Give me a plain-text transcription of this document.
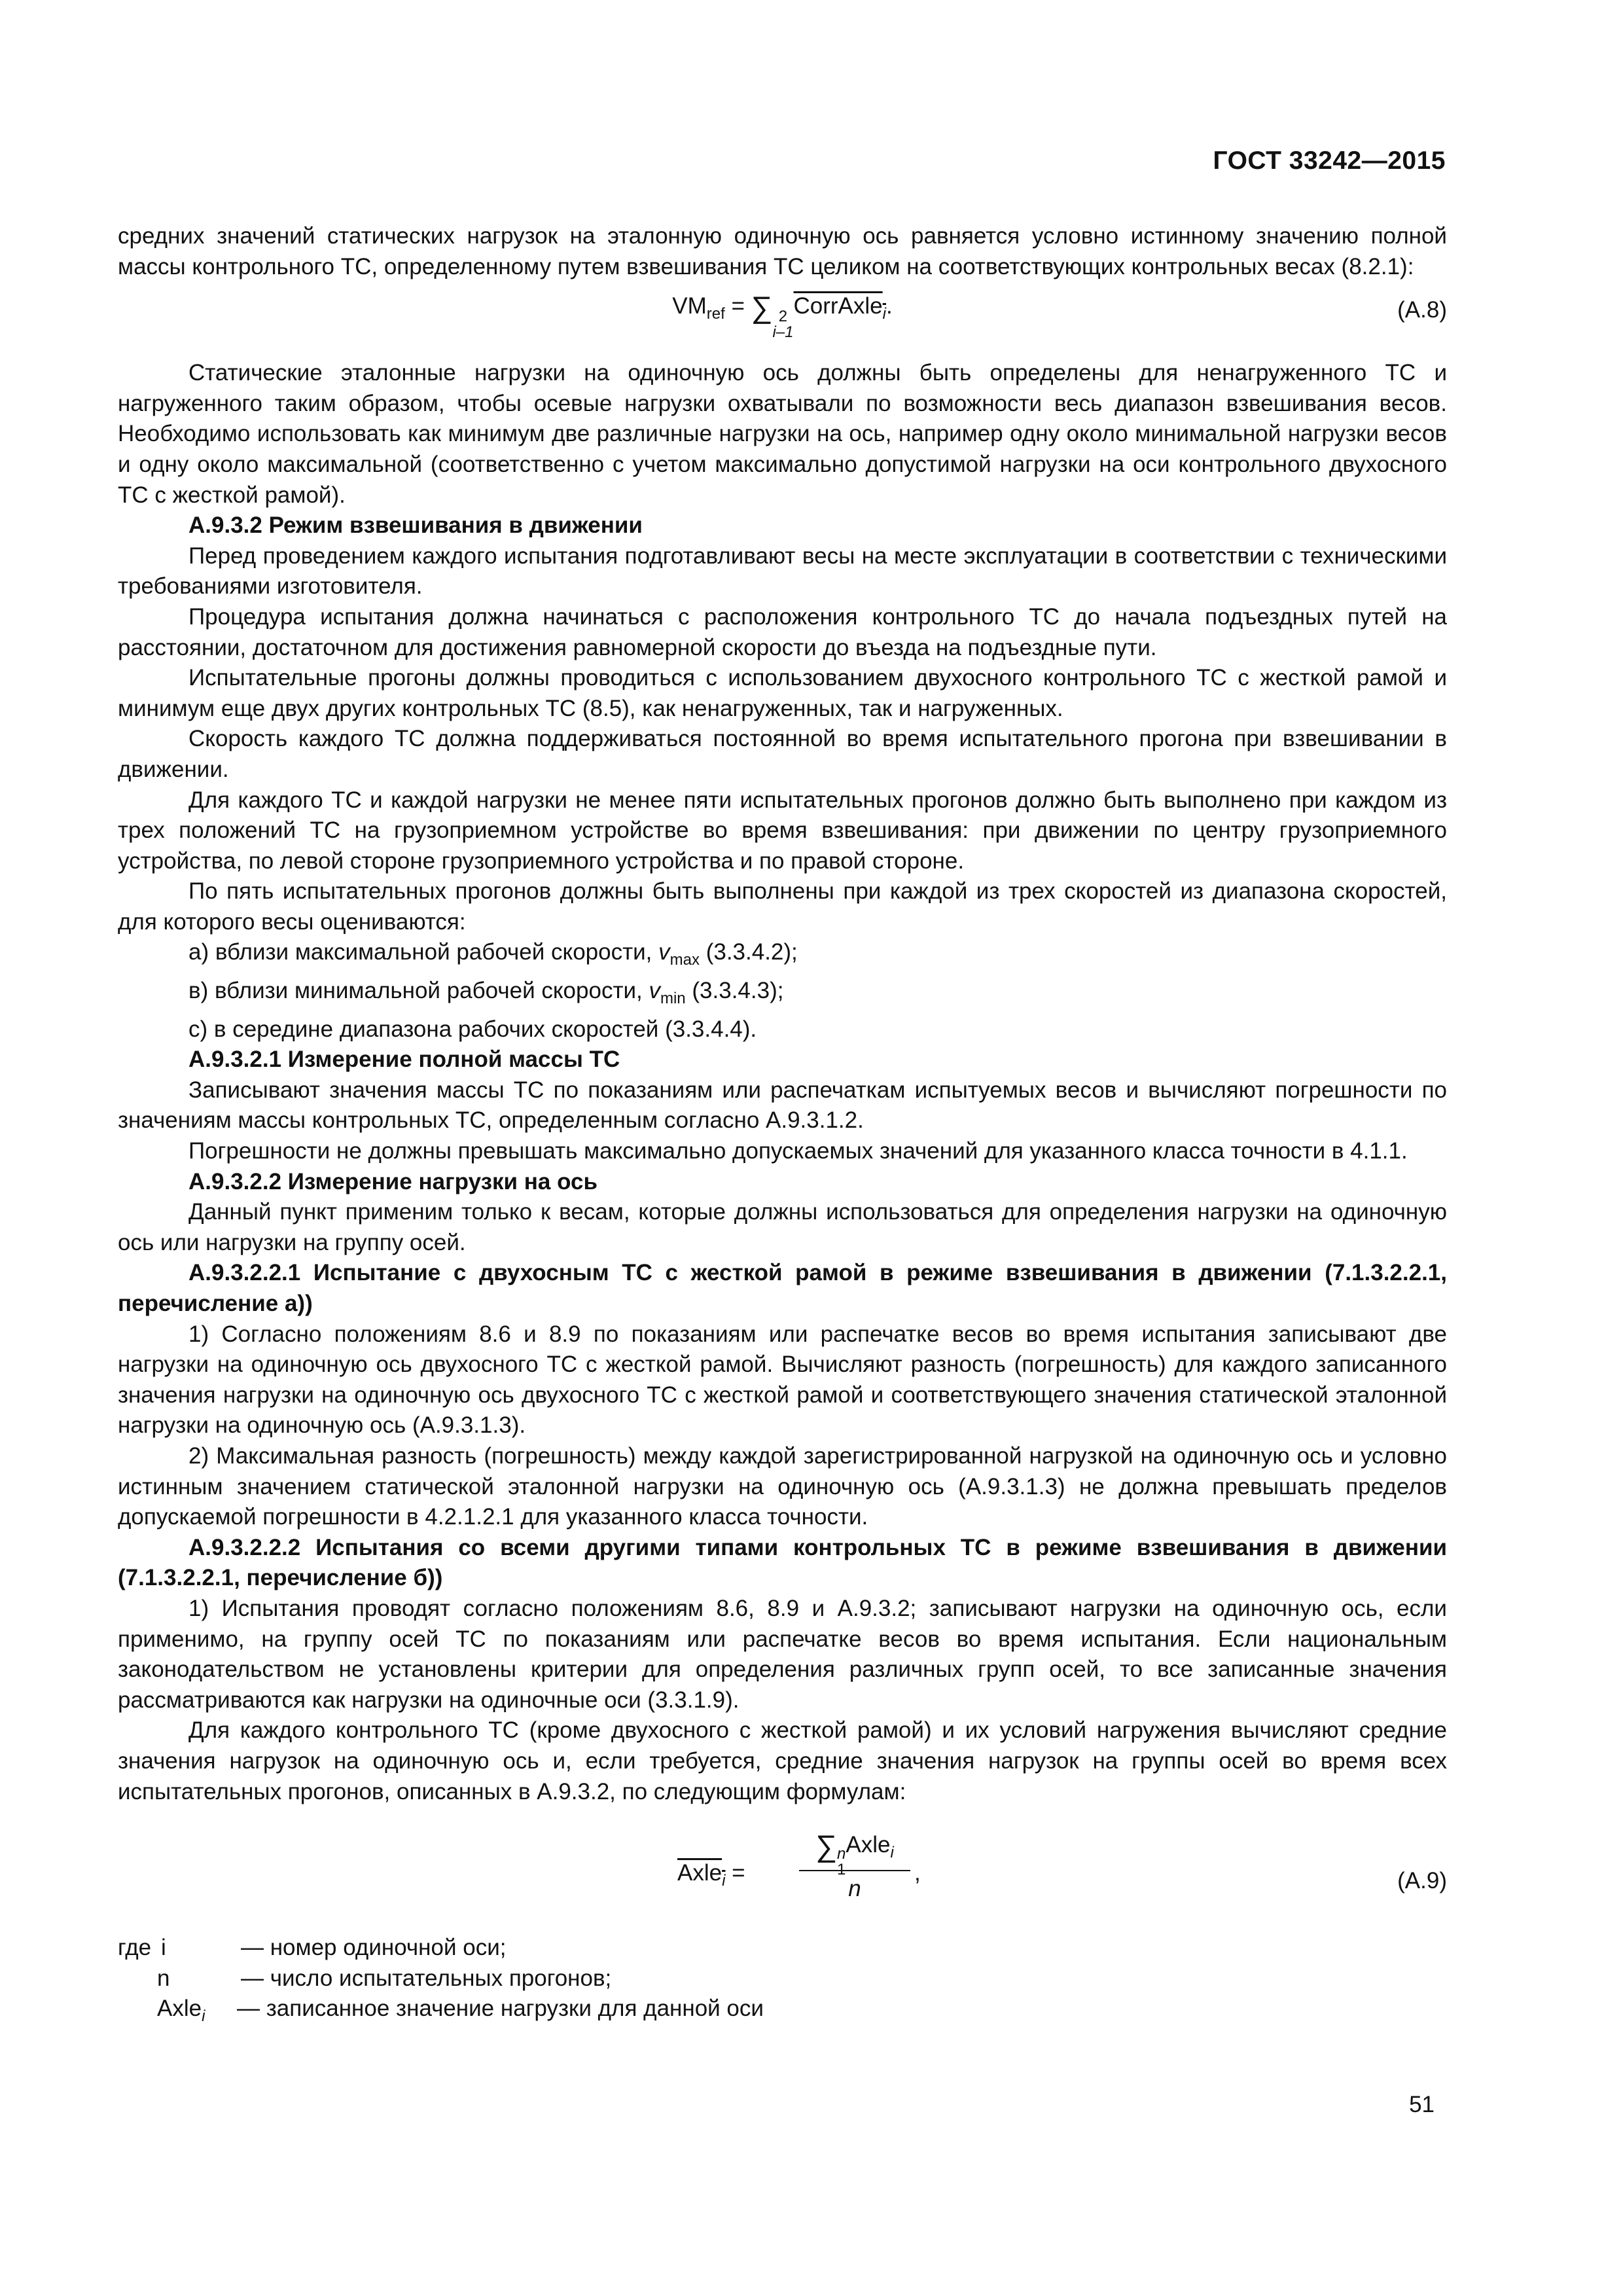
ГОСТ 33242—2015

средних значений статических нагрузок на эталонную одиночную ось равняется условно истинному значению полной массы контрольного ТС, определенному путем взвешивания ТС целиком на соответствующих контрольных весах (8.2.1):

$VM_{ref}$ = ∑ 2
i–1
CorrAxle$_i$.	(А.8)

Статические эталонные нагрузки на одиночную ось должны быть определены для ненагруженного ТС и нагруженного таким образом, чтобы осевые нагрузки охватывали по возможности весь диапазон взвешивания весов. Необходимо использовать как минимум две различные нагрузки на ось, например одну около минимальной нагрузки весов и одну около максимальной (соответственно с учетом максимально допустимой нагрузки на оси контрольного двухосного ТС с жесткой рамой).

А.9.3.2 Режим взвешивания в движении

Перед проведением каждого испытания подготавливают весы на месте эксплуатации в соответствии с техническими требованиями изготовителя.

Процедура испытания должна начинаться с расположения контрольного ТС до начала подъездных путей на расстоянии, достаточном для достижения равномерной скорости до въезда на подъездные пути.

Испытательные прогоны должны проводиться с использованием двухосного контрольного ТС с жесткой рамой и минимум еще двух других контрольных ТС (8.5), как ненагруженных, так и нагруженных.

Скорость каждого ТС должна поддерживаться постоянной во время испытательного прогона при взвешивании в движении.

Для каждого ТС и каждой нагрузки не менее пяти испытательных прогонов должно быть выполнено при каждом из трех положений ТС на грузоприемном устройстве во время взвешивания: при движении по центру грузоприемного устройства, по левой стороне грузоприемного устройства и по правой стороне.

По пять испытательных прогонов должны быть выполнены при каждой из трех скоростей из диапазона скоростей, для которого весы оцениваются:

а) вблизи максимальной рабочей скорости, $v_{max}$ (3.3.4.2);

в) вблизи минимальной рабочей скорости, $v_{min}$ (3.3.4.3);

с) в середине диапазона рабочих скоростей (3.3.4.4).

А.9.3.2.1 Измерение полной массы ТС

Записывают значения массы ТС по показаниям или распечаткам испытуемых весов и вычисляют погрешности по значениям массы контрольных ТС, определенным согласно А.9.3.1.2.

Погрешности не должны превышать максимально допускаемых значений для указанного класса точности в 4.1.1.

А.9.3.2.2 Измерение нагрузки на ось

Данный пункт применим только к весам, которые должны использоваться для определения нагрузки на одиночную ось или нагрузки на группу осей.

А.9.3.2.2.1 Испытание с двухосным ТС с жесткой рамой в режиме взвешивания в движении (7.1.3.2.2.1, перечисление а))

1) Согласно положениям 8.6 и 8.9 по показаниям или распечатке весов во время испытания записывают две нагрузки на одиночную ось двухосного ТС с жесткой рамой. Вычисляют разность (погрешность) для каждого записанного значения нагрузки на одиночную ось двухосного ТС с жесткой рамой и соответствующего значения статической эталонной нагрузки на одиночную ось (А.9.3.1.3).

2) Максимальная разность (погрешность) между каждой зарегистрированной нагрузкой на одиночную ось и условно истинным значением статической эталонной нагрузки на одиночную ось (А.9.3.1.3) не должна превышать пределов допускаемой погрешности в 4.2.1.2.1 для указанного класса точности.

А.9.3.2.2.2 Испытания со всеми другими типами контрольных ТС в режиме взвешивания в движении (7.1.3.2.2.1, перечисление б))

1) Испытания проводят согласно положениям 8.6, 8.9 и А.9.3.2; записывают нагрузки на одиночную ось, если применимо, на группу осей ТС по показаниям или распечатке весов во время испытания. Если национальным законодательством не установлены критерии для определения различных групп осей, то все записанные значения рассматриваются как нагрузки на одиночные оси (3.3.1.9).

Для каждого контрольного ТС (кроме двухосного с жесткой рамой) и их условий нагружения вычисляют средние значения нагрузок на одиночную ось и, если требуется, средние значения нагрузок на группы осей во время всех испытательных прогонов, описанных в А.9.3.2, по следующим формулам:

Axle$_i$ =
∑ n
1
Axle$_i$
n
,	(А.9)
где i	— номер одиночной оси;
n	— число испытательных прогонов;
Axle$_i$	— записанное значение нагрузки для данной оси
51
